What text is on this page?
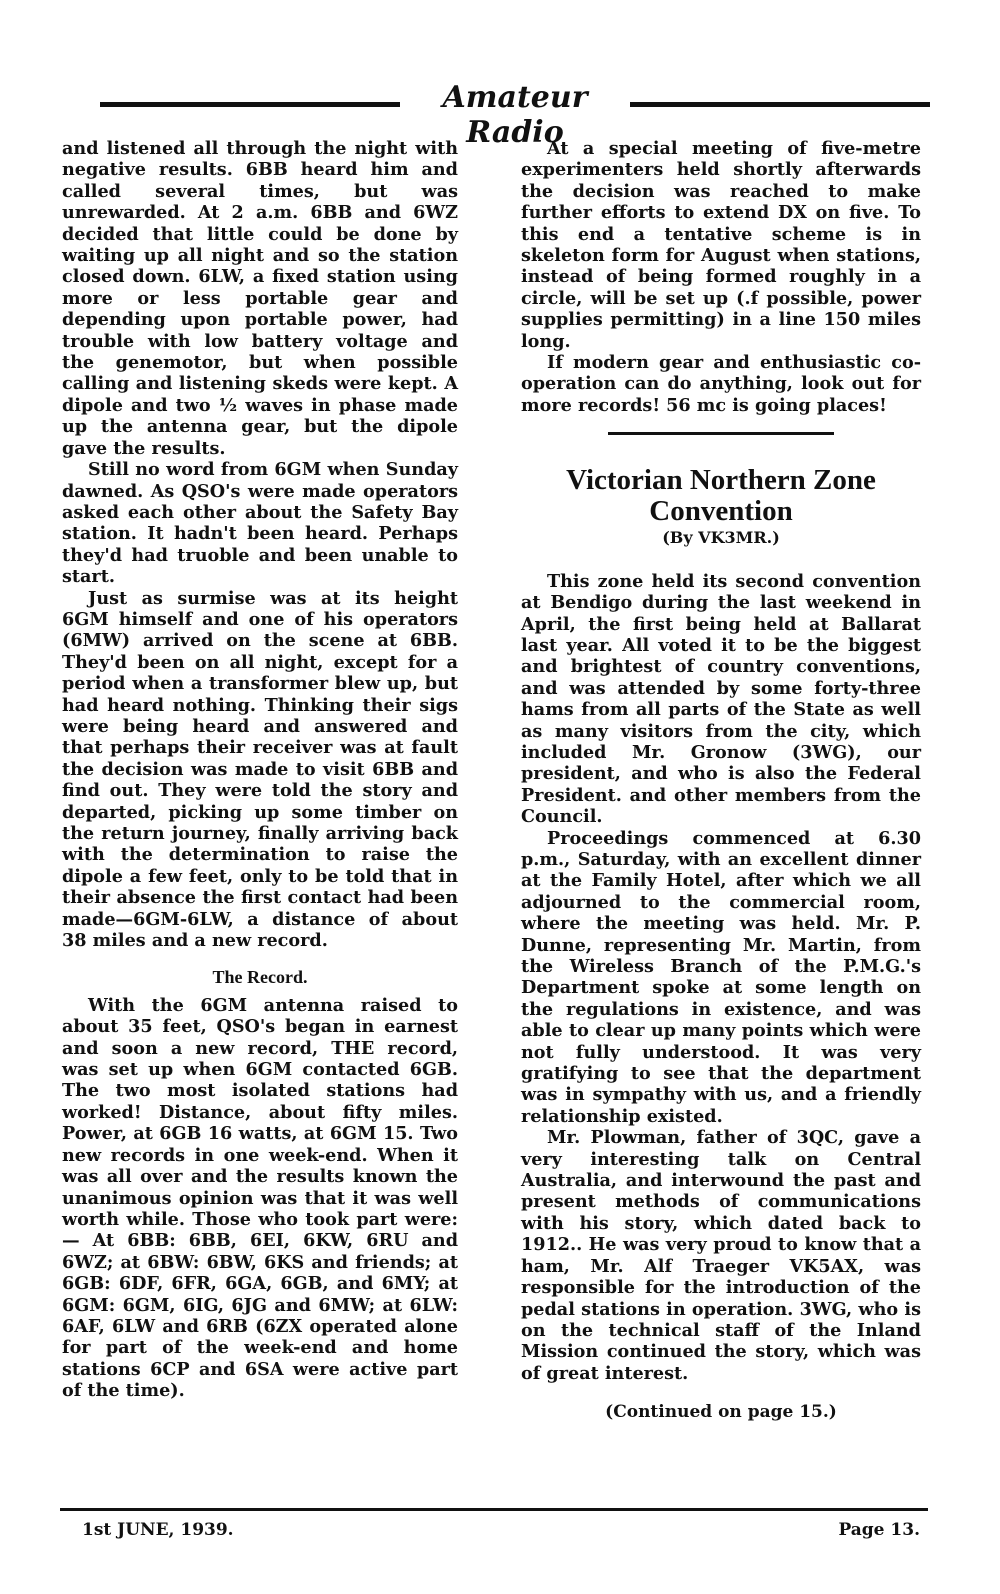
Amateur Radio

and listened all through the night with negative results. 6BB heard him and called several times, but was unrewarded. At 2 a.m. 6BB and 6WZ decided that little could be done by waiting up all night and so the station closed down. 6LW, a fixed station using more or less portable gear and depending upon portable power, had trouble with low battery voltage and the genemotor, but when possible calling and listening skeds were kept. A dipole and two ½ waves in phase made up the antenna gear, but the dipole gave the results.

Still no word from 6GM when Sunday dawned. As QSO's were made operators asked each other about the Safety Bay station. It hadn't been heard. Perhaps they'd had truoble and been unable to start.

Just as surmise was at its height 6GM himself and one of his operators (6MW) arrived on the scene at 6BB. They'd been on all night, except for a period when a transformer blew up, but had heard nothing. Thinking their sigs were being heard and answered and that perhaps their receiver was at fault the decision was made to visit 6BB and find out. They were told the story and departed, picking up some timber on the return journey, finally arriving back with the determination to raise the dipole a few feet, only to be told that in their absence the first contact had been made—6GM-6LW, a distance of about 38 miles and a new record.

The Record.

With the 6GM antenna raised to about 35 feet, QSO's began in earnest and soon a new record, THE record, was set up when 6GM contacted 6GB. The two most isolated stations had worked! Distance, about fifty miles. Power, at 6GB 16 watts, at 6GM 15. Two new records in one week-end. When it was all over and the results known the unanimous opinion was that it was well worth while. Those who took part were:— At 6BB: 6BB, 6EI, 6KW, 6RU and 6WZ; at 6BW: 6BW, 6KS and friends; at 6GB: 6DF, 6FR, 6GA, 6GB, and 6MY; at 6GM: 6GM, 6IG, 6JG and 6MW; at 6LW: 6AF, 6LW and 6RB (6ZX operated alone for part of the week-end and home stations 6CP and 6SA were active part of the time).

At a special meeting of five-metre experimenters held shortly afterwards the decision was reached to make further efforts to extend DX on five. To this end a tentative scheme is in skeleton form for August when stations, instead of being formed roughly in a circle, will be set up (.f possible, power supplies permitting) in a line 150 miles long.

If modern gear and enthusiastic co-operation can do anything, look out for more records! 56 mc is going places!

Victorian Northern Zone
Convention
(By VK3MR.)

This zone held its second convention at Bendigo during the last weekend in April, the first being held at Ballarat last year. All voted it to be the biggest and brightest of country conventions, and was attended by some forty-three hams from all parts of the State as well as many visitors from the city, which included Mr. Gronow (3WG), our president, and who is also the Federal President. and other members from the Council.

Proceedings commenced at 6.30 p.m., Saturday, with an excellent dinner at the Family Hotel, after which we all adjourned to the commercial room, where the meeting was held. Mr. P. Dunne, representing Mr. Martin, from the Wireless Branch of the P.M.G.'s Department spoke at some length on the regulations in existence, and was able to clear up many points which were not fully understood. It was very gratifying to see that the department was in sympathy with us, and a friendly relationship existed.

Mr. Plowman, father of 3QC, gave a very interesting talk on Central Australia, and interwound the past and present methods of communications with his story, which dated back to 1912.. He was very proud to know that a ham, Mr. Alf Traeger VK5AX, was responsible for the introduction of the pedal stations in operation. 3WG, who is on the technical staff of the Inland Mission continued the story, which was of great interest.

(Continued on page 15.)
1st JUNE, 1939.	Page 13.
